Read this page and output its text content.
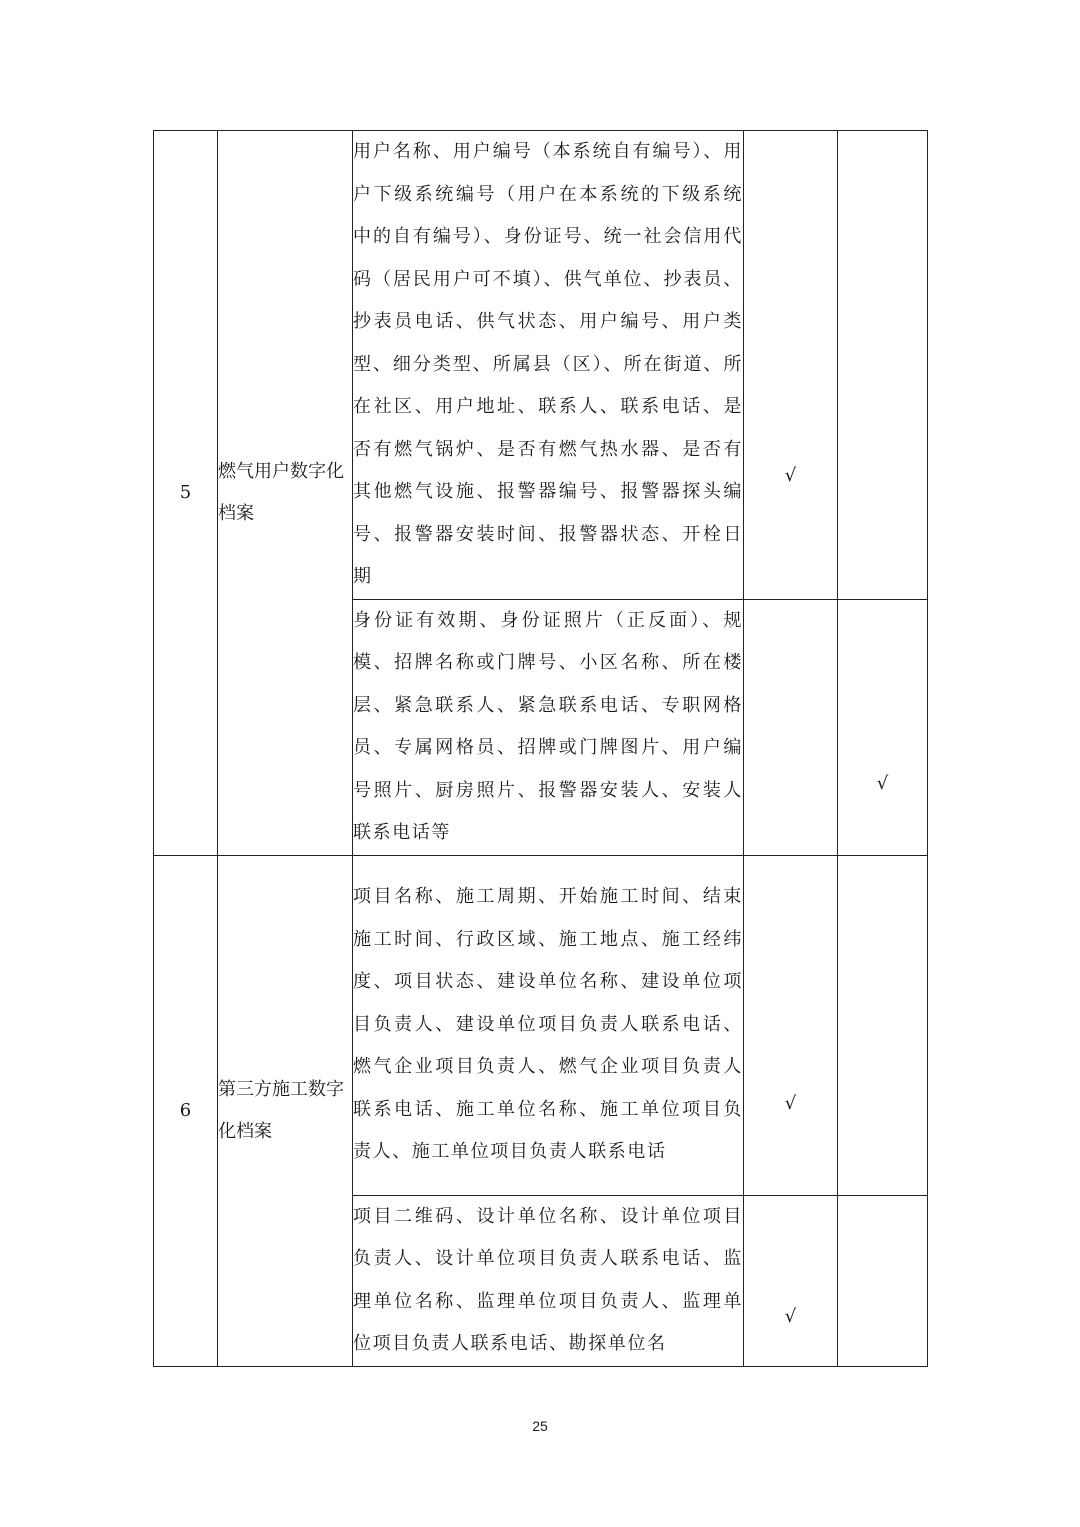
5	燃气用户数字化档案	用户名称、用户编号（本系统自有编号）、用户下级系统编号（用户在本系统的下级系统中的自有编号）、身份证号、统一社会信用代码（居民用户可不填）、供气单位、抄表员、抄表员电话、供气状态、用户编号、用户类型、细分类型、所属县（区）、所在街道、所在社区、用户地址、联系人、联系电话、是否有燃气锅炉、是否有燃气热水器、是否有其他燃气设施、报警器编号、报警器探头编号、报警器安装时间、报警器状态、开栓日期	√	

		身份证有效期、身份证照片（正反面）、规模、招牌名称或门牌号、小区名称、所在楼层、紧急联系人、紧急联系电话、专职网格员、专属网格员、招牌或门牌图片、用户编号照片、厨房照片、报警器安装人、安装人联系电话等		√

6	第三方施工数字化档案	项目名称、施工周期、开始施工时间、结束施工时间、行政区域、施工地点、施工经纬度、项目状态、建设单位名称、建设单位项目负责人、建设单位项目负责人联系电话、燃气企业项目负责人、燃气企业项目负责人联系电话、施工单位名称、施工单位项目负责人、施工单位项目负责人联系电话	√	

		项目二维码、设计单位名称、设计单位项目负责人、设计单位项目负责人联系电话、监理单位名称、监理单位项目负责人、监理单位项目负责人联系电话、勘探单位名	√	

25
